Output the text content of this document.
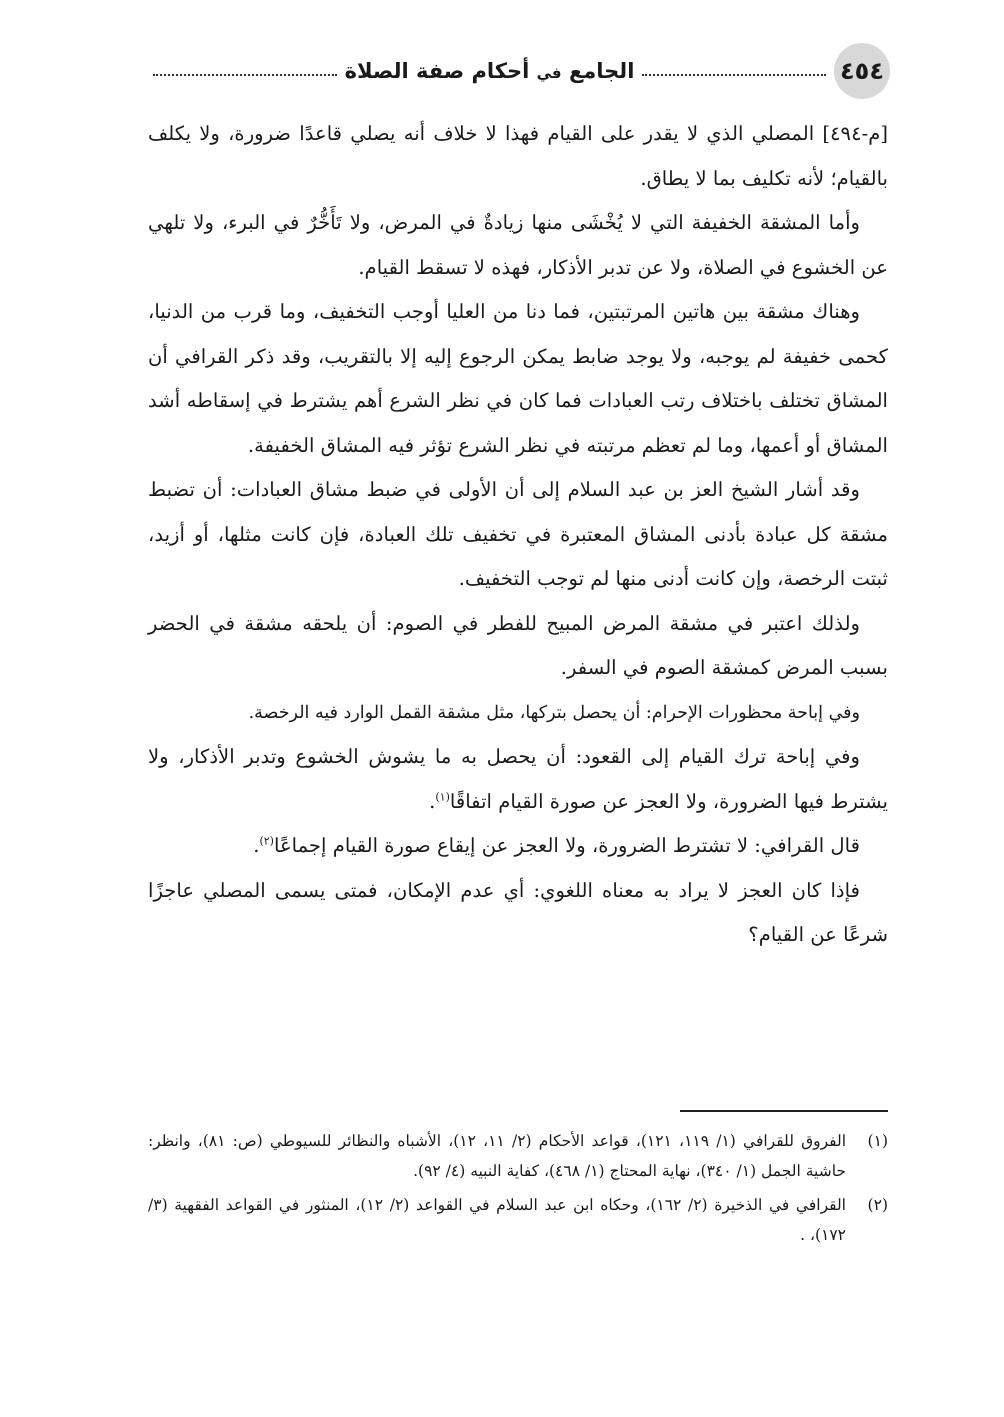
٤٥٤
الجامع في أحكام صفة الصلاة

[م-٤٩٤] المصلي الذي لا يقدر على القيام فهذا لا خلاف أنه يصلي قاعدًا ضرورة، ولا يكلف بالقيام؛ لأنه تكليف بما لا يطاق.

وأما المشقة الخفيفة التي لا يُخْشَى منها زيادةٌ في المرض، ولا تَأَخُّرٌ في البرء، ولا تلهي عن الخشوع في الصلاة، ولا عن تدبر الأذكار، فهذه لا تسقط القيام.

وهناك مشقة بين هاتين المرتبتين، فما دنا من العليا أوجب التخفيف، وما قرب من الدنيا، كحمى خفيفة لم يوجبه، ولا يوجد ضابط يمكن الرجوع إليه إلا بالتقريب، وقد ذكر القرافي أن المشاق تختلف باختلاف رتب العبادات فما كان في نظر الشرع أهم يشترط في إسقاطه أشد المشاق أو أعمها، وما لم تعظم مرتبته في نظر الشرع تؤثر فيه المشاق الخفيفة.

وقد أشار الشيخ العز بن عبد السلام إلى أن الأولى في ضبط مشاق العبادات: أن تضبط مشقة كل عبادة بأدنى المشاق المعتبرة في تخفيف تلك العبادة، فإن كانت مثلها، أو أزيد، ثبتت الرخصة، وإن كانت أدنى منها لم توجب التخفيف.

ولذلك اعتبر في مشقة المرض المبيح للفطر في الصوم: أن يلحقه مشقة في الحضر بسبب المرض كمشقة الصوم في السفر.

وفي إباحة محظورات الإحرام: أن يحصل بتركها، مثل مشقة القمل الوارد فيه الرخصة.

وفي إباحة ترك القيام إلى القعود: أن يحصل به ما يشوش الخشوع وتدبر الأذكار، ولا يشترط فيها الضرورة، ولا العجز عن صورة القيام اتفاقًا$^{(١)}$.

قال القرافي: لا تشترط الضرورة، ولا العجز عن إيقاع صورة القيام إجماعًا$^{(٢)}$.

فإذا كان العجز لا يراد به معناه اللغوي: أي عدم الإمكان، فمتى يسمى المصلي عاجزًا شرعًا عن القيام؟

(١)
الفروق للقرافي (١/ ١١٩، ١٢١)، قواعد الأحكام (٢/ ١١، ١٢)، الأشباه والنظائر للسيوطي (ص: ٨١)، وانظر: حاشية الجمل (١/ ٣٤٠)، نهاية المحتاج (١/ ٤٦٨)، كفاية النبيه (٤/ ٩٢).
(٢)
القرافي في الذخيرة (٢/ ١٦٢)، وحكاه ابن عبد السلام في القواعد (٢/ ١٢)، المنثور في القواعد الفقهية (٣/ ١٧٢)، .
